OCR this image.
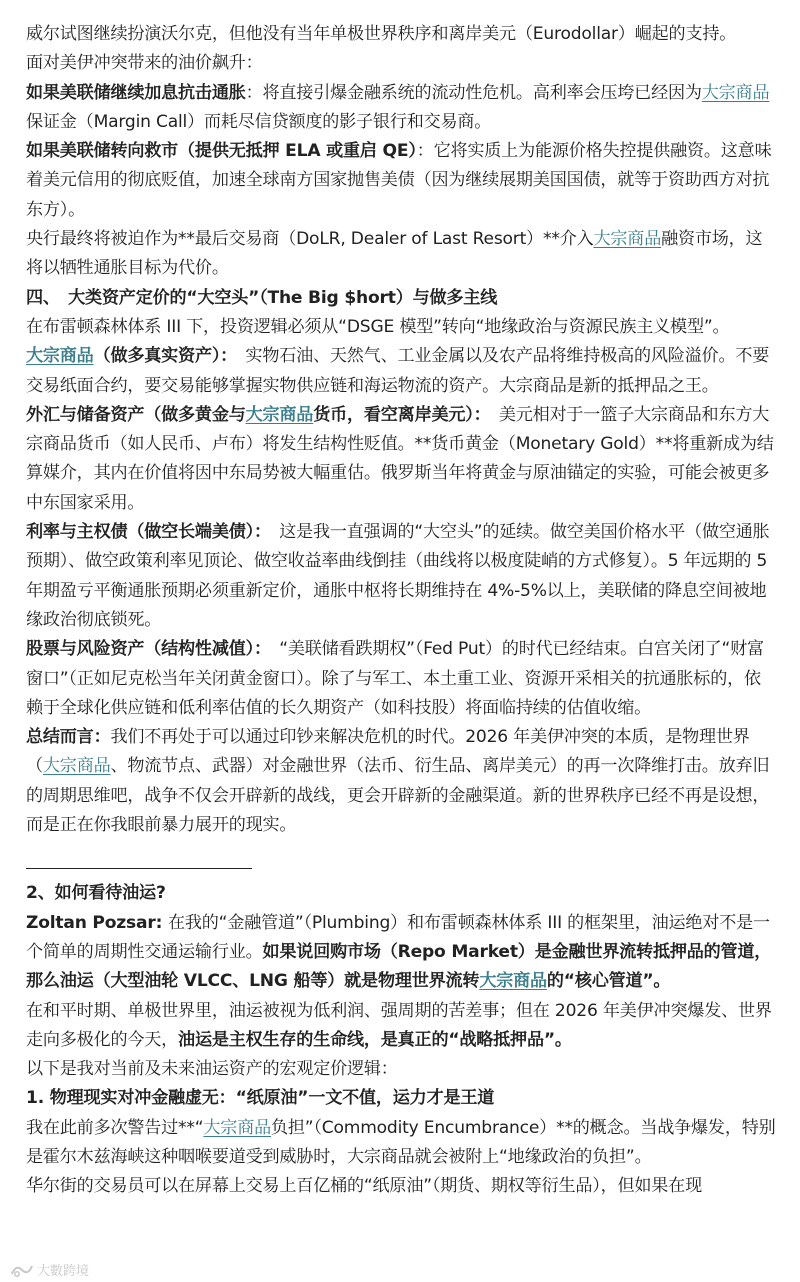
威尔试图继续扮演沃尔克，但他没有当年单极世界秩序和离岸美元（Eurodollar）崛起的支持。

面对美伊冲突带来的油价飙升：

如果美联储继续加息抗击通胀：将直接引爆金融系统的流动性危机。高利率会压垮已经因为大宗商品保证金（Margin Call）而耗尽信贷额度的影子银行和交易商。

如果美联储转向救市（提供无抵押 ELA 或重启 QE）：它将实质上为能源价格失控提供融资。这意味着美元信用的彻底贬值，加速全球南方国家抛售美债（因为继续展期美国国债，就等于资助西方对抗东方）。

央行最终将被迫作为**最后交易商（DoLR, Dealer of Last Resort）**介入大宗商品融资市场，这将以牺牲通胀目标为代价。

四、　大类资产定价的“大空头”（The Big $hort）与做多主线

在布雷顿森林体系 III 下，投资逻辑必须从“DSGE 模型”转向“地缘政治与资源民族主义模型”。

大宗商品（做多真实资产）：　实物石油、天然气、工业金属以及农产品将维持极高的风险溢价。不要交易纸面合约，要交易能够掌握实物供应链和海运物流的资产。大宗商品是新的抵押品之王。

外汇与储备资产（做多黄金与大宗商品货币，看空离岸美元）：　美元相对于一篮子大宗商品和东方大宗商品货币（如人民币、卢布）将发生结构性贬值。**货币黄金（Monetary Gold）**将重新成为结算媒介，其内在价值将因中东局势被大幅重估。俄罗斯当年将黄金与原油锚定的实验，可能会被更多中东国家采用。

利率与主权债（做空长端美债）：　这是我一直强调的“大空头”的延续。做空美国价格水平（做空通胀预期）、做空政策利率见顶论、做空收益率曲线倒挂（曲线将以极度陡峭的方式修复）。5 年远期的 5 年期盈亏平衡通胀预期必须重新定价，通胀中枢将长期维持在 4%-5%以上，美联储的降息空间被地缘政治彻底锁死。

股票与风险资产（结构性减值）：　“美联储看跌期权”（Fed Put）的时代已经结束。白宫关闭了“财富窗口”（正如尼克松当年关闭黄金窗口）。除了与军工、本土重工业、资源开采相关的抗通胀标的，依赖于全球化供应链和低利率估值的长久期资产（如科技股）将面临持续的估值收缩。

总结而言：我们不再处于可以通过印钞来解决危机的时代。2026 年美伊冲突的本质，是物理世界（大宗商品、物流节点、武器）对金融世界（法币、衍生品、离岸美元）的再一次降维打击。放弃旧的周期思维吧，战争不仅会开辟新的战线，更会开辟新的金融渠道。新的世界秩序已经不再是设想，而是正在你我眼前暴力展开的现实。

2、如何看待油运?

Zoltan Pozsar: 在我的“金融管道”（Plumbing）和布雷顿森林体系 III 的框架里，油运绝对不是一个简单的周期性交通运输行业。如果说回购市场（Repo Market）是金融世界流转抵押品的管道，那么油运（大型油轮 VLCC、LNG 船等）就是物理世界流转大宗商品的“核心管道”。

在和平时期、单极世界里，油运被视为低利润、强周期的苦差事；但在 2026 年美伊冲突爆发、世界走向多极化的今天，油运是主权生存的生命线，是真正的“战略抵押品”。

以下是我对当前及未来油运资产的宏观定价逻辑：

1. 物理现实对冲金融虚无：“纸原油”一文不值，运力才是王道

我在此前多次警告过**“大宗商品负担”（Commodity Encumbrance）**的概念。当战争爆发，特别是霍尔木兹海峡这种咽喉要道受到威胁时，大宗商品就会被附上“地缘政治的负担”。

华尔街的交易员可以在屏幕上交易上百亿桶的“纸原油”（期货、期权等衍生品），但如果在现

大數跨境
